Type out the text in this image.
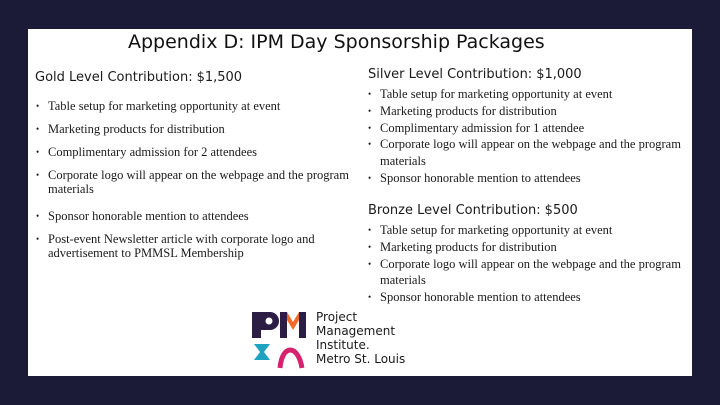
Appendix D: IPM Day Sponsorship Packages
Gold Level Contribution: $1,500
• Table setup for marketing opportunity at event
• Marketing products for distribution
• Complimentary admission for 2 attendees
• Corporate logo will appear on the webpage and the program materials
• Sponsor honorable mention to attendees
• Post-event Newsletter article with corporate logo and advertisement to PMMSL Membership
Silver Level Contribution: $1,000
• Table setup for marketing opportunity at event
• Marketing products for distribution
• Complimentary admission for 1 attendee
• Corporate logo will appear on the webpage and the program materials
• Sponsor honorable mention to attendees
Bronze Level Contribution: $500
• Table setup for marketing opportunity at event
• Marketing products for distribution
• Corporate logo will appear on the webpage and the program materials
• Sponsor honorable mention to attendees
Project
Management
Institute.
Metro St. Louis
